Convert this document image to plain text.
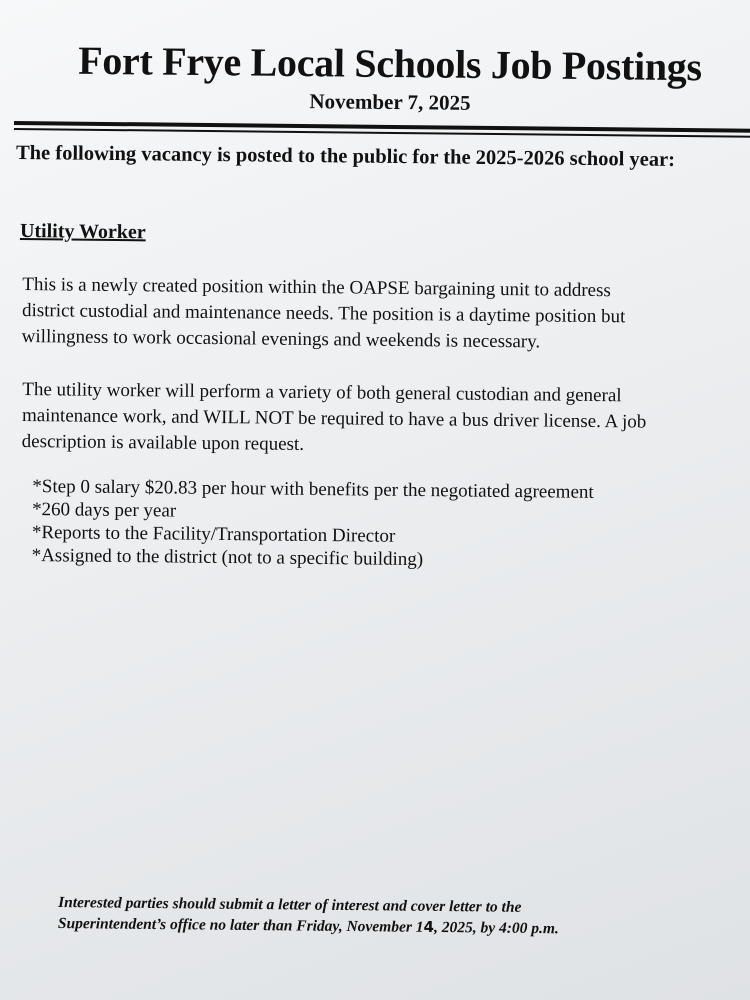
Fort Frye Local Schools Job Postings
November 7, 2025
The following vacancy is posted to the public for the 2025-2026 school year:
Utility Worker
This is a newly created position within the OAPSE bargaining unit to address
district custodial and maintenance needs. The position is a daytime position but
willingness to work occasional evenings and weekends is necessary.
The utility worker will perform a variety of both general custodian and general
maintenance work, and WILL NOT be required to have a bus driver license. A job
description is available upon request.
*Step 0 salary $20.83 per hour with benefits per the negotiated agreement
*260 days per year
*Reports to the Facility/Transportation Director
*Assigned to the district (not to a specific building)
Interested parties should submit a letter of interest and cover letter to the
Superintendent’s office no later than Friday, November 14, 2025, by 4:00 p.m.
